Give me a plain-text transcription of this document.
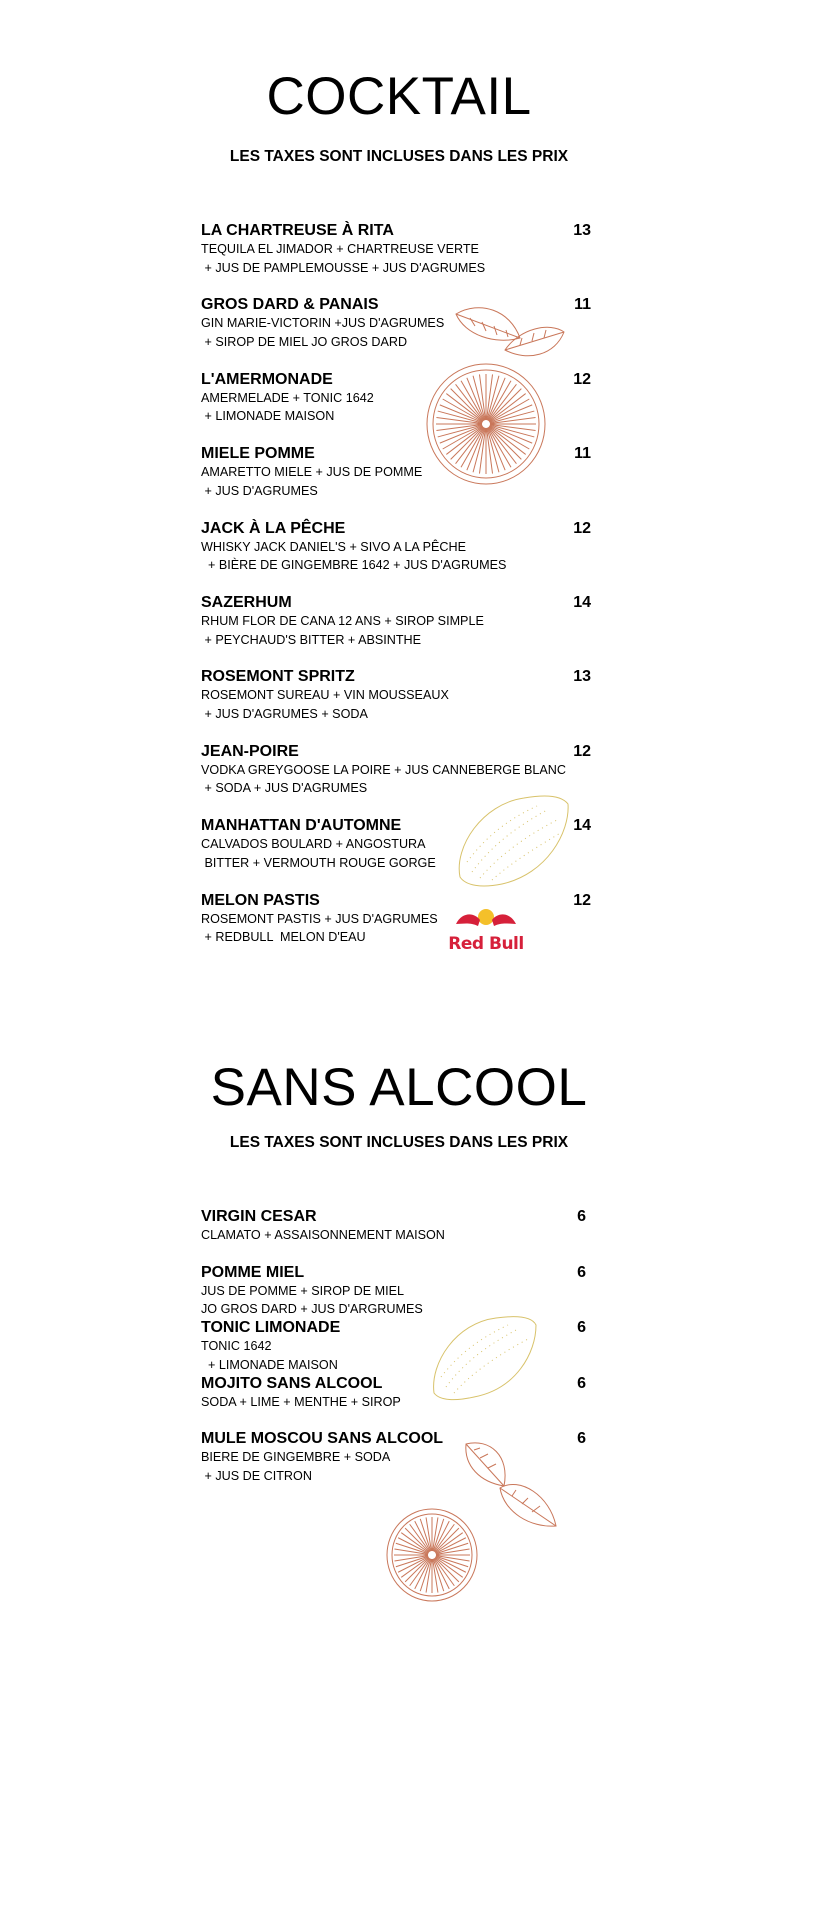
COCKTAIL
LES TAXES SONT INCLUSES DANS LES PRIX
LA CHARTREUSE À RITA	13
TEQUILA EL JIMADOR + CHARTREUSE VERTE
+ JUS DE PAMPLEMOUSSE + JUS D'AGRUMES
GROS DARD & PANAIS	11
GIN MARIE-VICTORIN +JUS D'AGRUMES
+ SIROP DE MIEL JO GROS DARD
L'AMERMONADE	12
AMERMELADE + TONIC 1642
+ LIMONADE MAISON
MIELE POMME	11
AMARETTO MIELE + JUS DE POMME
+ JUS D'AGRUMES
JACK À LA PÊCHE	12
WHISKY JACK DANIEL'S + SIVO A LA PÊCHE
+ BIÈRE DE GINGEMBRE 1642 + JUS D'AGRUMES
SAZERHUM	14
RHUM FLOR DE CANA 12 ANS + SIROP SIMPLE
+ PEYCHAUD'S BITTER + ABSINTHE
ROSEMONT SPRITZ	13
ROSEMONT SUREAU + VIN MOUSSEAUX
+ JUS D'AGRUMES + SODA
JEAN-POIRE	12
VODKA GREYGOOSE LA POIRE + JUS CANNEBERGE BLANC
+ SODA + JUS D'AGRUMES
MANHATTAN D'AUTOMNE	14
CALVADOS BOULARD + ANGOSTURA
BITTER + VERMOUTH ROUGE GORGE
MELON PASTIS	12
ROSEMONT PASTIS + JUS D'AGRUMES
+ REDBULL  MELON D'EAU
SANS ALCOOL
LES TAXES SONT INCLUSES DANS LES PRIX
VIRGIN CESAR	6
CLAMATO + ASSAISONNEMENT MAISON
POMME MIEL	6
JUS DE POMME + SIROP DE MIEL
JO GROS DARD + JUS D'ARGRUMES
TONIC LIMONADE	6
TONIC 1642
+ LIMONADE MAISON
MOJITO SANS ALCOOL	6
SODA + LIME + MENTHE + SIROP
MULE MOSCOU SANS ALCOOL	6
BIERE DE GINGEMBRE + SODA
+ JUS DE CITRON
Red Bull
